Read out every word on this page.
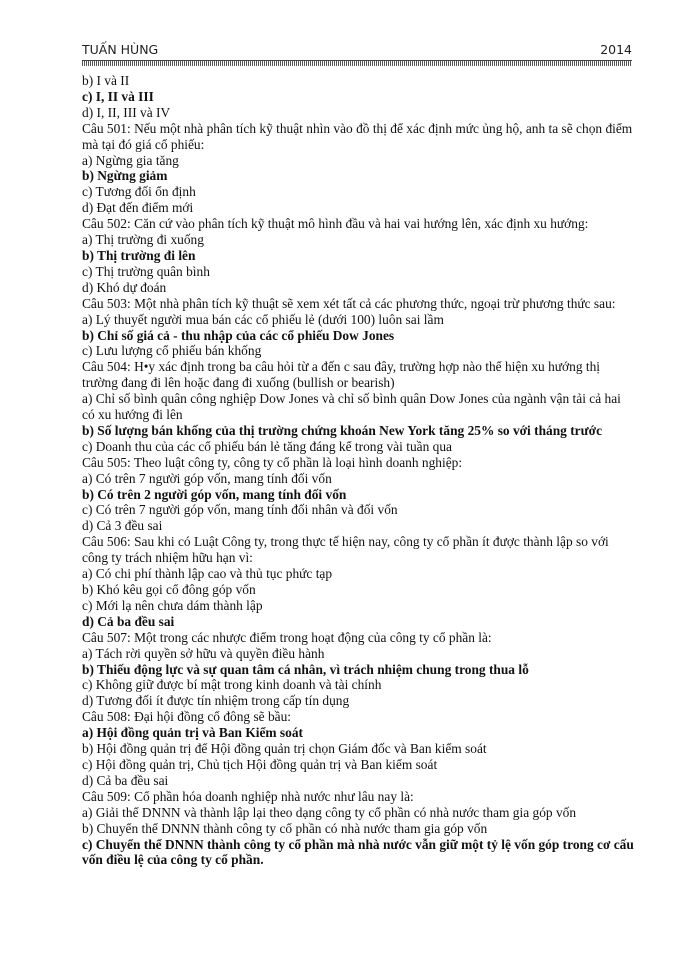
TUẤN HÙNG	2014

b) I và II

c) I, II và III

d) I, II, III và IV

Câu 501: Nếu một nhà phân tích kỹ thuật nhìn vào đồ thị để xác định mức ủng hộ, anh ta sẽ chọn điểm mà tại đó giá cổ phiếu:

a) Ngừng gia tăng

b) Ngừng giảm

c) Tương đối ổn định

d) Đạt đến điểm mới

Câu 502: Căn cứ vào phân tích kỹ thuật mô hình đầu và hai vai hướng lên, xác định xu hướng:

a) Thị trường đi xuống

b) Thị trường đi lên

c) Thị trường quân bình

d) Khó dự đoán

Câu 503: Một nhà phân tích kỹ thuật sẽ xem xét tất cả các phương thức, ngoại trừ phương thức sau:

a) Lý thuyết người mua bán các cổ phiếu lẻ (dưới 100) luôn sai lầm

b) Chỉ số giá cả - thu nhập của các cổ phiếu Dow Jones

c) Lưu lượng cổ phiếu bán khống

Câu 504: H•y xác định trong ba câu hỏi từ a đến c sau đây, trường hợp nào thể hiện xu hướng thị trường đang đi lên hoặc đang đi xuống (bullish or bearish)

a) Chỉ số bình quân công nghiệp Dow Jones và chỉ số bình quân Dow Jones của ngành vận tải cả hai có xu hướng đi lên

b) Số lượng bán khống của thị trường chứng khoán New York tăng 25% so với tháng trước

c) Doanh thu của các cổ phiếu bán lẻ tăng đáng kể trong vài tuần qua

Câu 505: Theo luật công ty, công ty cổ phần là loại hình doanh nghiệp:

a) Có trên 7 người góp vốn, mang tính đối vốn

b) Có trên 2 người góp vốn, mang tính đối vốn

c) Có trên 7 người góp vốn, mang tính đối nhân và đối vốn

d) Cả 3 đều sai

Câu 506: Sau khi có Luật Công ty, trong thực tế hiện nay, công ty cổ phần ít được thành lập so với công ty trách nhiệm hữu hạn vì:

a) Có chi phí thành lập cao và thủ tục phức tạp

b) Khó kêu gọi cổ đông góp vốn

c) Mới lạ nên chưa dám thành lập

d) Cả ba đều sai

Câu 507: Một trong các nhược điểm trong hoạt động của công ty cổ phần là:

a) Tách rời quyền sở hữu và quyền điều hành

b) Thiếu động lực và sự quan tâm cá nhân, vì trách nhiệm chung trong thua lỗ

c) Không giữ được bí mật trong kinh doanh và tài chính

d) Tương đối ít được tín nhiệm trong cấp tín dụng

Câu 508: Đại hội đồng cổ đông sẽ bầu:

a) Hội đồng quản trị và Ban Kiểm soát

b) Hội đồng quản trị để Hội đồng quản trị chọn Giám đốc và Ban kiểm soát

c) Hội đồng quản trị, Chủ tịch Hội đồng quản trị và Ban kiểm soát

d) Cả ba đều sai

Câu 509: Cổ phần hóa doanh nghiệp nhà nước như lâu nay là:

a) Giải thể DNNN và thành lập lại theo dạng công ty cổ phần có nhà nước tham gia góp vốn

b) Chuyển thể DNNN thành công ty cổ phần có nhà nước tham gia góp vốn

c) Chuyển thể DNNN thành công ty cổ phần mà nhà nước vẫn giữ một tỷ lệ vốn góp trong cơ cấu vốn điều lệ của công ty cổ phần.
